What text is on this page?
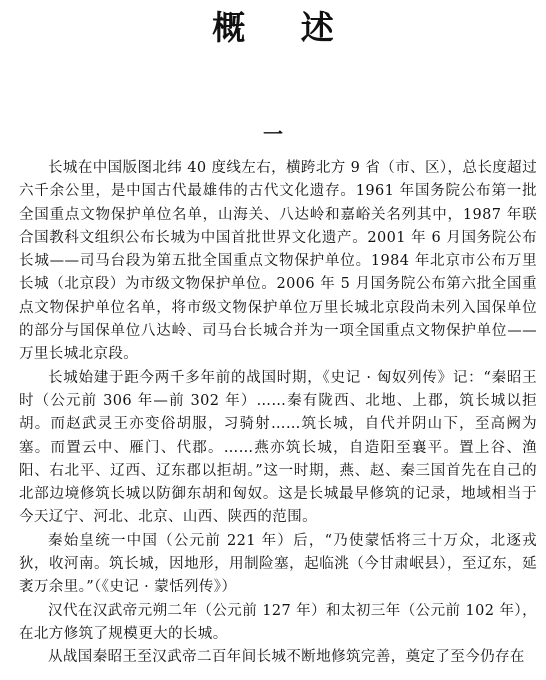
概 述
一

长城在中国版图北纬 40 度线左右，横跨北方 9 省（市、区），总长度超过六千余公里，是中国古代最雄伟的古代文化遗存。1961 年国务院公布第一批全国重点文物保护单位名单，山海关、八达岭和嘉峪关名列其中，1987 年联合国教科文组织公布长城为中国首批世界文化遗产。2001 年 6 月国务院公布长城——司马台段为第五批全国重点文物保护单位。1984 年北京市公布万里长城（北京段）为市级文物保护单位。2006 年 5 月国务院公布第六批全国重点文物保护单位名单，将市级文物保护单位万里长城北京段尚未列入国保单位的部分与国保单位八达岭、司马台长城合并为一项全国重点文物保护单位——万里长城北京段。

长城始建于距今两千多年前的战国时期，《史记 · 匈奴列传》记：“秦昭王时（公元前 306 年—前 302 年）……秦有陇西、北地、上郡，筑长城以拒胡。而赵武灵王亦变俗胡服，习骑射……筑长城，自代并阴山下，至高阙为塞。而置云中、雁门、代郡。……燕亦筑长城，自造阳至襄平。置上谷、渔阳、右北平、辽西、辽东郡以拒胡。”这一时期，燕、赵、秦三国首先在自己的北部边境修筑长城以防御东胡和匈奴。这是长城最早修筑的记录，地域相当于今天辽宁、河北、北京、山西、陕西的范围。

秦始皇统一中国（公元前 221 年）后，“乃使蒙恬将三十万众，北逐戎狄，收河南。筑长城，因地形，用制险塞，起临洮（今甘肃岷县），至辽东，延袤万余里。”（《史记 · 蒙恬列传》）

汉代在汉武帝元朔二年（公元前 127 年）和太初三年（公元前 102 年），在北方修筑了规模更大的长城。

从战国秦昭王至汉武帝二百年间长城不断地修筑完善，奠定了至今仍存在
